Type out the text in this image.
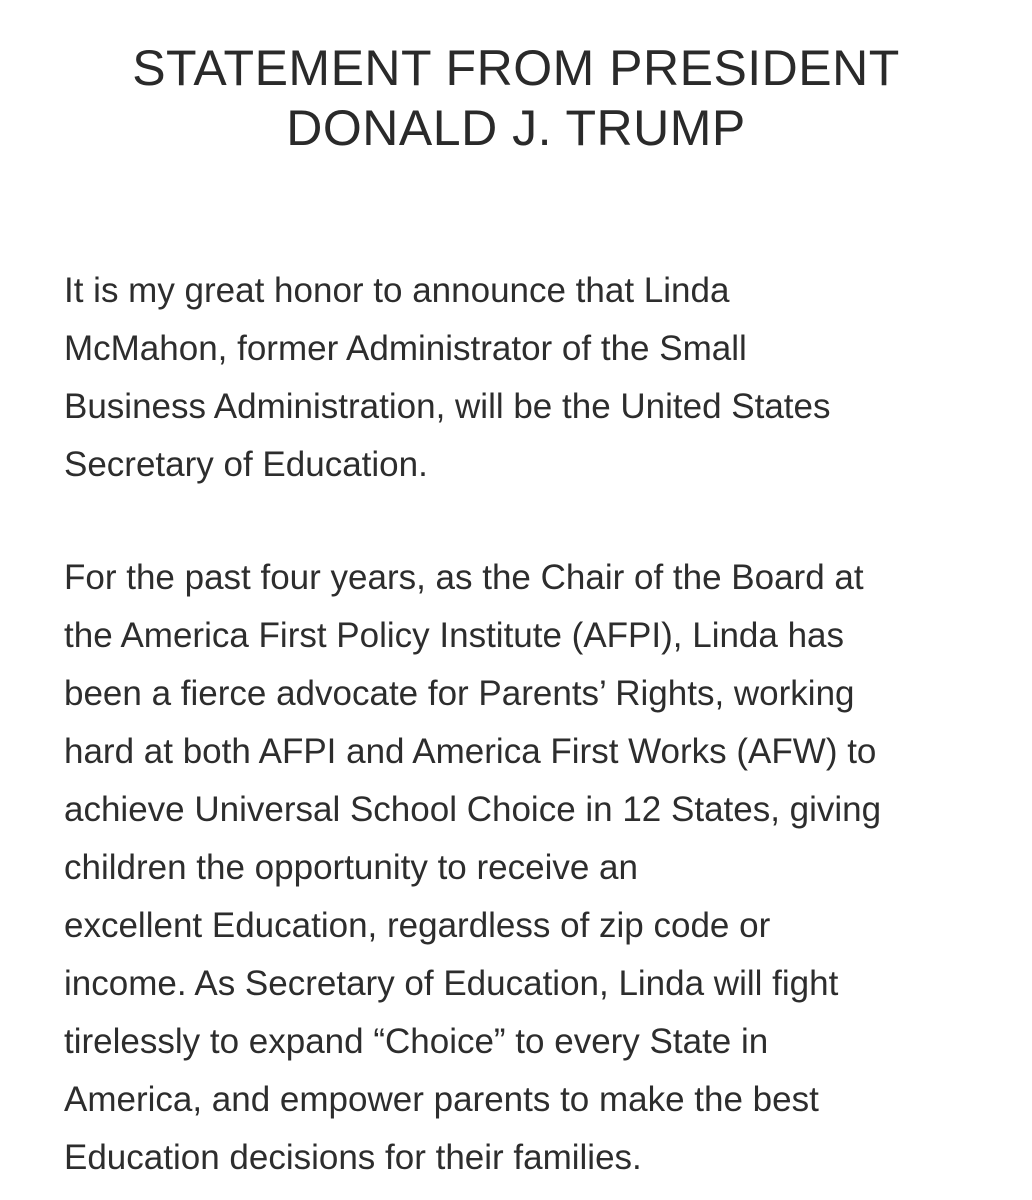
STATEMENT FROM PRESIDENT
DONALD J. TRUMP
It is my great honor to announce that Linda
McMahon, former Administrator of the Small
Business Administration, will be the United States
Secretary of Education.
For the past four years, as the Chair of the Board at
the America First Policy Institute (AFPI), Linda has
been a fierce advocate for Parents’ Rights, working
hard at both AFPI and America First Works (AFW) to
achieve Universal School Choice in 12 States, giving
children the opportunity to receive an
excellent Education, regardless of zip code or
income. As Secretary of Education, Linda will fight
tirelessly to expand “Choice” to every State in
America, and empower parents to make the best
Education decisions for their families.
